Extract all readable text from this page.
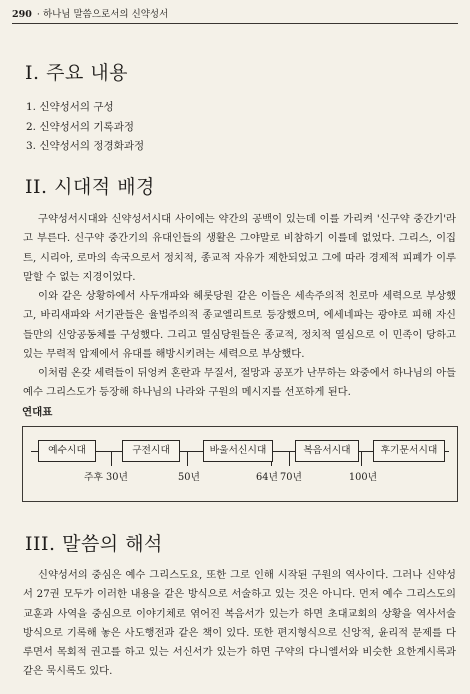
290 · 하나님 말씀으로서의 신약성서
I. 주요 내용
1. 신약성서의 구성
2. 신약성서의 기록과정
3. 신약성서의 정경화과정
II. 시대적 배경

구약성서시대와 신약성서시대 사이에는 약간의 공백이 있는데 이를 가리켜 '신구약 중간기'라고 부른다. 신구약 중간기의 유대인들의 생활은 그야말로 비참하기 이를데 없었다. 그리스, 이집트, 시리아, 로마의 속국으로서 정치적, 종교적 자유가 제한되었고 그에 따라 경제적 피폐가 이루 말할 수 없는 지경이었다.

이와 같은 상황하에서 사두개파와 헤롯당원 같은 이들은 세속주의적 친로마 세력으로 부상했고, 바리새파와 서기관들은 율법주의적 종교엘리트로 등장했으며, 에세네파는 광야로 피해 자신들만의 신앙공동체를 구성했다. 그리고 열심당원들은 종교적, 정치적 열심으로 이 민족이 당하고 있는 무력적 압제에서 유대를 해방시키려는 세력으로 부상했다.

이처럼 온갖 세력들이 뒤엉켜 혼란과 무질서, 절망과 공포가 난무하는 와중에서 하나님의 아들 예수 그리스도가 등장해 하나님의 나라와 구원의 메시지를 선포하게 된다.

연대표

예수시대	구전시대	바울서신시대	복음서시대	후기문서시대
주후 30년	50년	64년 70년	100년
III. 말씀의 해석

신약성서의 중심은 예수 그리스도요, 또한 그로 인해 시작된 구원의 역사이다. 그러나 신약성서 27권 모두가 이러한 내용을 같은 방식으로 서술하고 있는 것은 아니다. 먼저 예수 그리스도의 교훈과 사역을 중심으로 이야기체로 엮어진 복음서가 있는가 하면 초대교회의 상황을 역사서술 방식으로 기록해 놓은 사도행전과 같은 책이 있다. 또한 편지형식으로 신앙적, 윤리적 문제를 다루면서 목회적 권고를 하고 있는 서신서가 있는가 하면 구약의 다니엘서와 비슷한 요한계시록과 같은 묵시록도 있다.
